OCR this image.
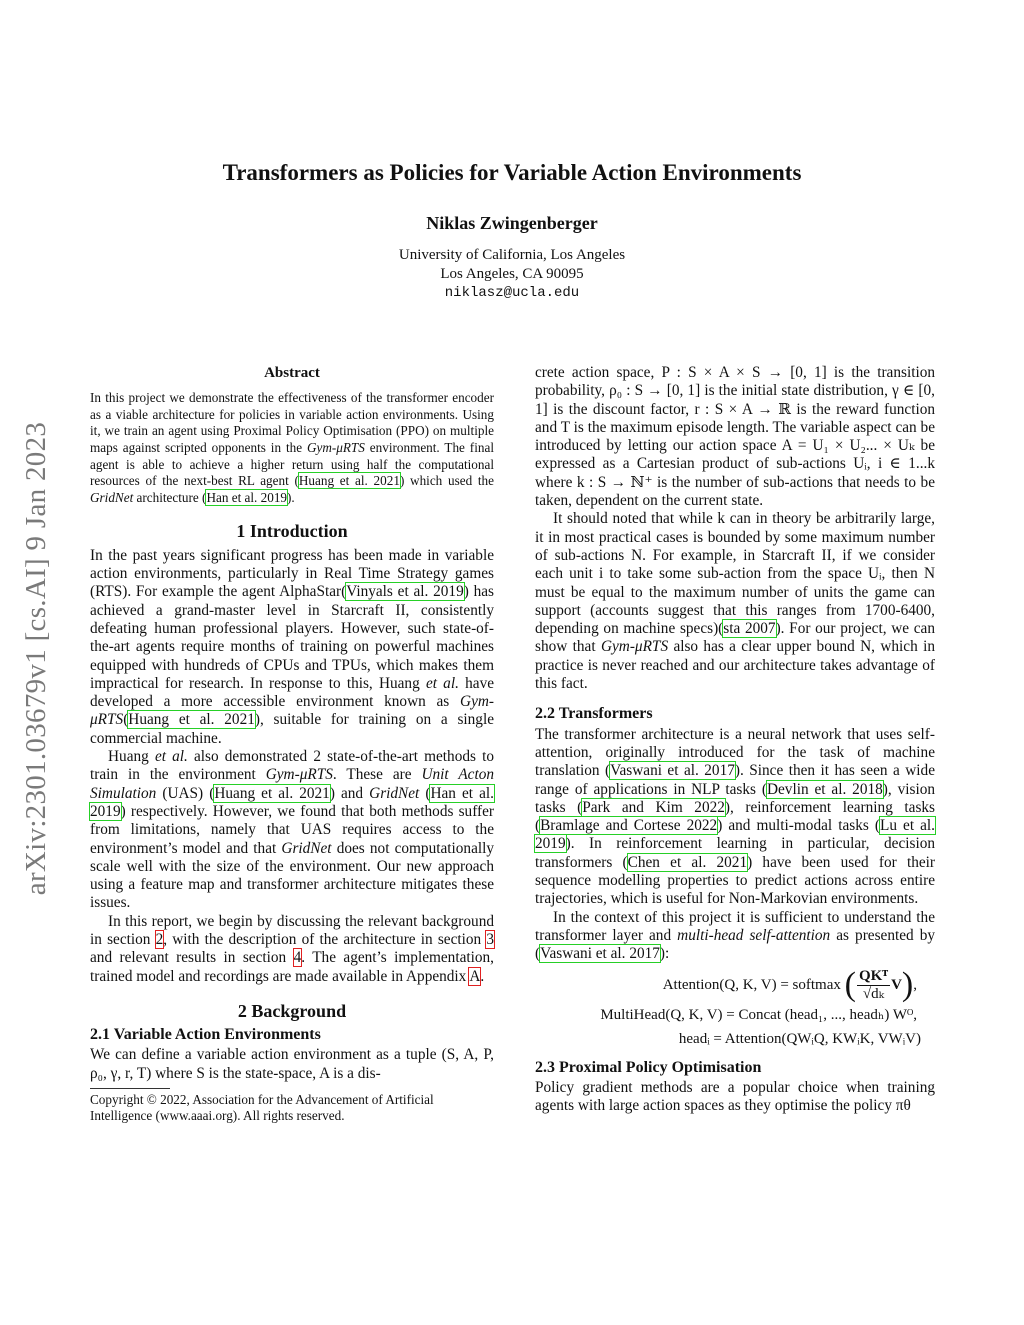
arXiv:2301.03679v1 [cs.AI] 9 Jan 2023
Transformers as Policies for Variable Action Environments
Niklas Zwingenberger
University of California, Los Angeles
Los Angeles, CA 90095
niklasz@ucla.edu
Abstract

In this project we demonstrate the effectiveness of the transformer encoder as a viable architecture for policies in variable action environments. Using it, we train an agent using Proximal Policy Optimisation (PPO) on multiple maps against scripted opponents in the Gym-μRTS environment. The final agent is able to achieve a higher return using half the computational resources of the next-best RL agent (Huang et al. 2021) which used the GridNet architecture (Han et al. 2019).

1 Introduction

In the past years significant progress has been made in variable action environments, particularly in Real Time Strategy games (RTS). For example the agent AlphaStar(Vinyals et al. 2019) has achieved a grand-master level in Starcraft II, consistently defeating human professional players. However, such state-of-the-art agents require months of training on powerful machines equipped with hundreds of CPUs and TPUs, which makes them impractical for research. In response to this, Huang et al. have developed a more accessible environment known as Gym-μRTS(Huang et al. 2021), suitable for training on a single commercial machine.

Huang et al. also demonstrated 2 state-of-the-art methods to train in the environment Gym-μRTS. These are Unit Acton Simulation (UAS) (Huang et al. 2021) and GridNet (Han et al. 2019) respectively. However, we found that both methods suffer from limitations, namely that UAS requires access to the environment’s model and that GridNet does not computationally scale well with the size of the environment. Our new approach using a feature map and transformer architecture mitigates these issues.

In this report, we begin by discussing the relevant background in section 2, with the description of the architecture in section 3 and relevant results in section 4. The agent’s implementation, trained model and recordings are made available in Appendix A.

2 Background
2.1 Variable Action Environments

We can define a variable action environment as a tuple (S, A, P, ρ₀, γ, r, T) where S is the state-space, A is a dis-

Copyright © 2022, Association for the Advancement of Artificial Intelligence (www.aaai.org). All rights reserved.

crete action space, P : S × A × S → [0, 1] is the transition probability, ρ₀ : S → [0, 1] is the initial state distribution, γ ∈ [0, 1] is the discount factor, r : S × A → ℝ is the reward function and T is the maximum episode length. The variable aspect can be introduced by letting our action space A = U₁ × U₂... × Uₖ be expressed as a Cartesian product of sub-actions Uᵢ, i ∈ 1...k where k : S → ℕ⁺ is the number of sub-actions that needs to be taken, dependent on the current state.

It should noted that while k can in theory be arbitrarily large, it in most practical cases is bounded by some maximum number of sub-actions N. For example, in Starcraft II, if we consider each unit i to take some sub-action from the space Uᵢ, then N must be equal to the maximum number of units the game can support (accounts suggest that this ranges from 1700-6400, depending on machine specs)(sta 2007). For our project, we can show that Gym-μRTS also has a clear upper bound N, which in practice is never reached and our architecture takes advantage of this fact.

2.2 Transformers

The transformer architecture is a neural network that uses self-attention, originally introduced for the task of machine translation (Vaswani et al. 2017). Since then it has seen a wide range of applications in NLP tasks (Devlin et al. 2018), vision tasks (Park and Kim 2022), reinforcement learning tasks (Bramlage and Cortese 2022) and multi-modal tasks (Lu et al. 2019). In reinforcement learning in particular, decision transformers (Chen et al. 2021) have been used for their sequence modelling properties to predict actions across entire trajectories, which is useful for Non-Markovian environments.

In the context of this project it is sufficient to understand the transformer layer and multi-head self-attention as presented by (Vaswani et al. 2017):

Attention(Q, K, V) = softmax
( $\frac{\text{QKᵀ}}{\text{√dₖ}}$ V ) ,
MultiHead(Q, K, V) = Concat (head₁, ..., headₕ) Wᴼ,
headᵢ = Attention(QWᵢQ, KWᵢK, VWᵢV)
2.3 Proximal Policy Optimisation

Policy gradient methods are a popular choice when training agents with large action spaces as they optimise the policy πθ
